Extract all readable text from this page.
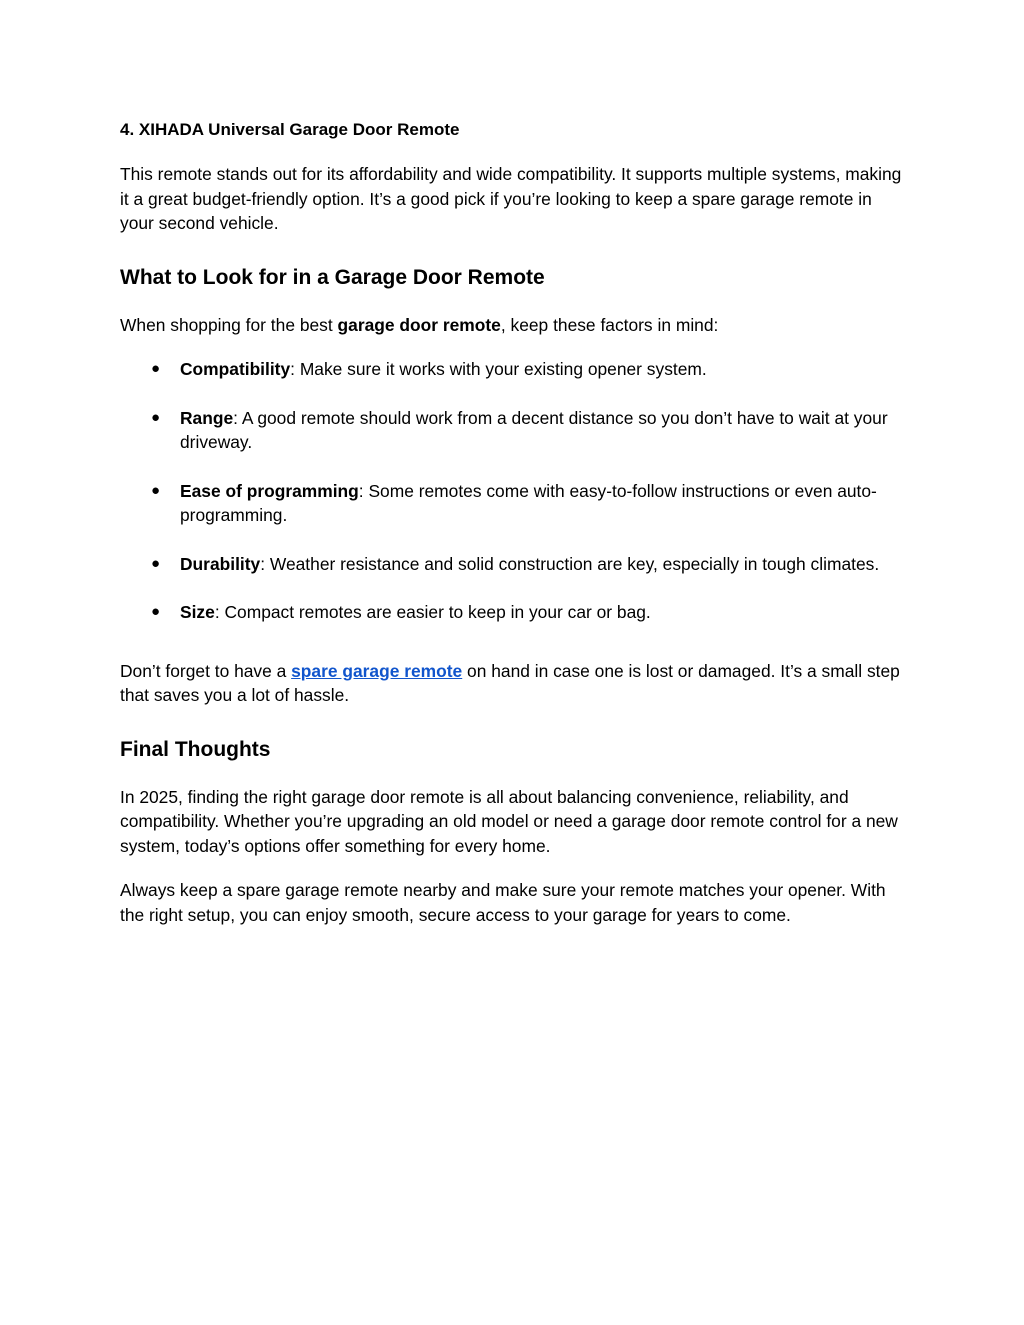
4. XIHADA Universal Garage Door Remote

This remote stands out for its affordability and wide compatibility. It supports multiple systems, making it a great budget-friendly option. It’s a good pick if you’re looking to keep a spare garage remote in your second vehicle.

What to Look for in a Garage Door Remote

When shopping for the best garage door remote, keep these factors in mind:

● Compatibility: Make sure it works with your existing opener system.
● Range: A good remote should work from a decent distance so you don’t have to wait at your driveway.
● Ease of programming: Some remotes come with easy-to-follow instructions or even auto-programming.
● Durability: Weather resistance and solid construction are key, especially in tough climates.
● Size: Compact remotes are easier to keep in your car or bag.

Don’t forget to have a spare garage remote on hand in case one is lost or damaged. It’s a small step that saves you a lot of hassle.

Final Thoughts

In 2025, finding the right garage door remote is all about balancing convenience, reliability, and compatibility. Whether you’re upgrading an old model or need a garage door remote control for a new system, today’s options offer something for every home.

Always keep a spare garage remote nearby and make sure your remote matches your opener. With the right setup, you can enjoy smooth, secure access to your garage for years to come.
